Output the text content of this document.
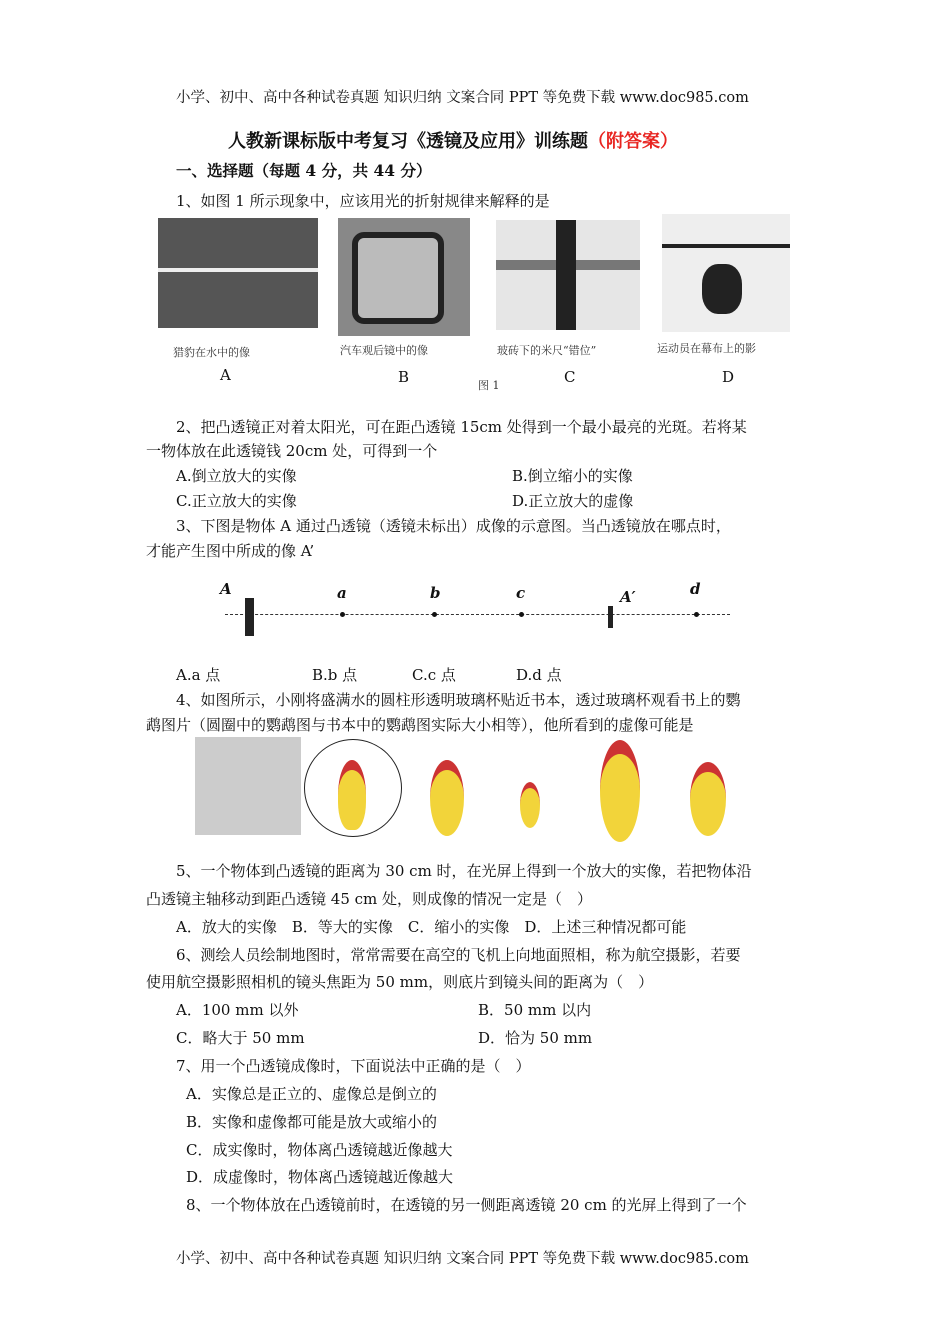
小学、初中、高中各种试卷真题 知识归纳 文案合同 PPT 等免费下载 www.doc985.com
人教新课标版中考复习《透镜及应用》训练题（附答案）
一、选择题（每题 4 分，共 44 分）
1、如图 1 所示现象中，应该用光的折射规律来解释的是
猎豹在水中的像	汽车观后镜中的像	玻砖下的米尺“错位”	运动员在幕布上的影
A	B	图 1	C	D
2、把凸透镜正对着太阳光，可在距凸透镜 15cm 处得到一个最小最亮的光斑。若将某
一物体放在此透镜钱 20cm 处，可得到一个
A.倒立放大的实像	B.倒立缩小的实像
C.正立放大的实像	D.正立放大的虚像
3、下图是物体 A 通过凸透镜（透镜未标出）成像的示意图。当凸透镜放在哪点时，
才能产生图中所成的像 A’
A	a	b	c	A′	d
A.a 点	B.b 点	C.c 点	D.d 点
4、如图所示，小刚将盛满水的圆柱形透明玻璃杯贴近书本，透过玻璃杯观看书上的鹦
鹉图片（圆圈中的鹦鹉图与书本中的鹦鹉图实际大小相等），他所看到的虚像可能是
5、一个物体到凸透镜的距离为 30 cm 时，在光屏上得到一个放大的实像，若把物体沿
凸透镜主轴移动到距凸透镜 45 cm 处，则成像的情况一定是（　）
A．放大的实像　B．等大的实像　C．缩小的实像　D．上述三种情况都可能
6、测绘人员绘制地图时，常常需要在高空的飞机上向地面照相，称为航空摄影，若要
使用航空摄影照相机的镜头焦距为 50 mm，则底片到镜头间的距离为（　）
A．100 mm 以外	B．50 mm 以内
C．略大于 50 mm	D．恰为 50 mm
7、用一个凸透镜成像时，下面说法中正确的是（　）
A．实像总是正立的、虚像总是倒立的
B．实像和虚像都可能是放大或缩小的
C．成实像时，物体离凸透镜越近像越大
D．成虚像时，物体离凸透镜越近像越大
8、一个物体放在凸透镜前时，在透镜的另一侧距离透镜 20 cm 的光屏上得到了一个
小学、初中、高中各种试卷真题 知识归纳 文案合同 PPT 等免费下载 www.doc985.com
